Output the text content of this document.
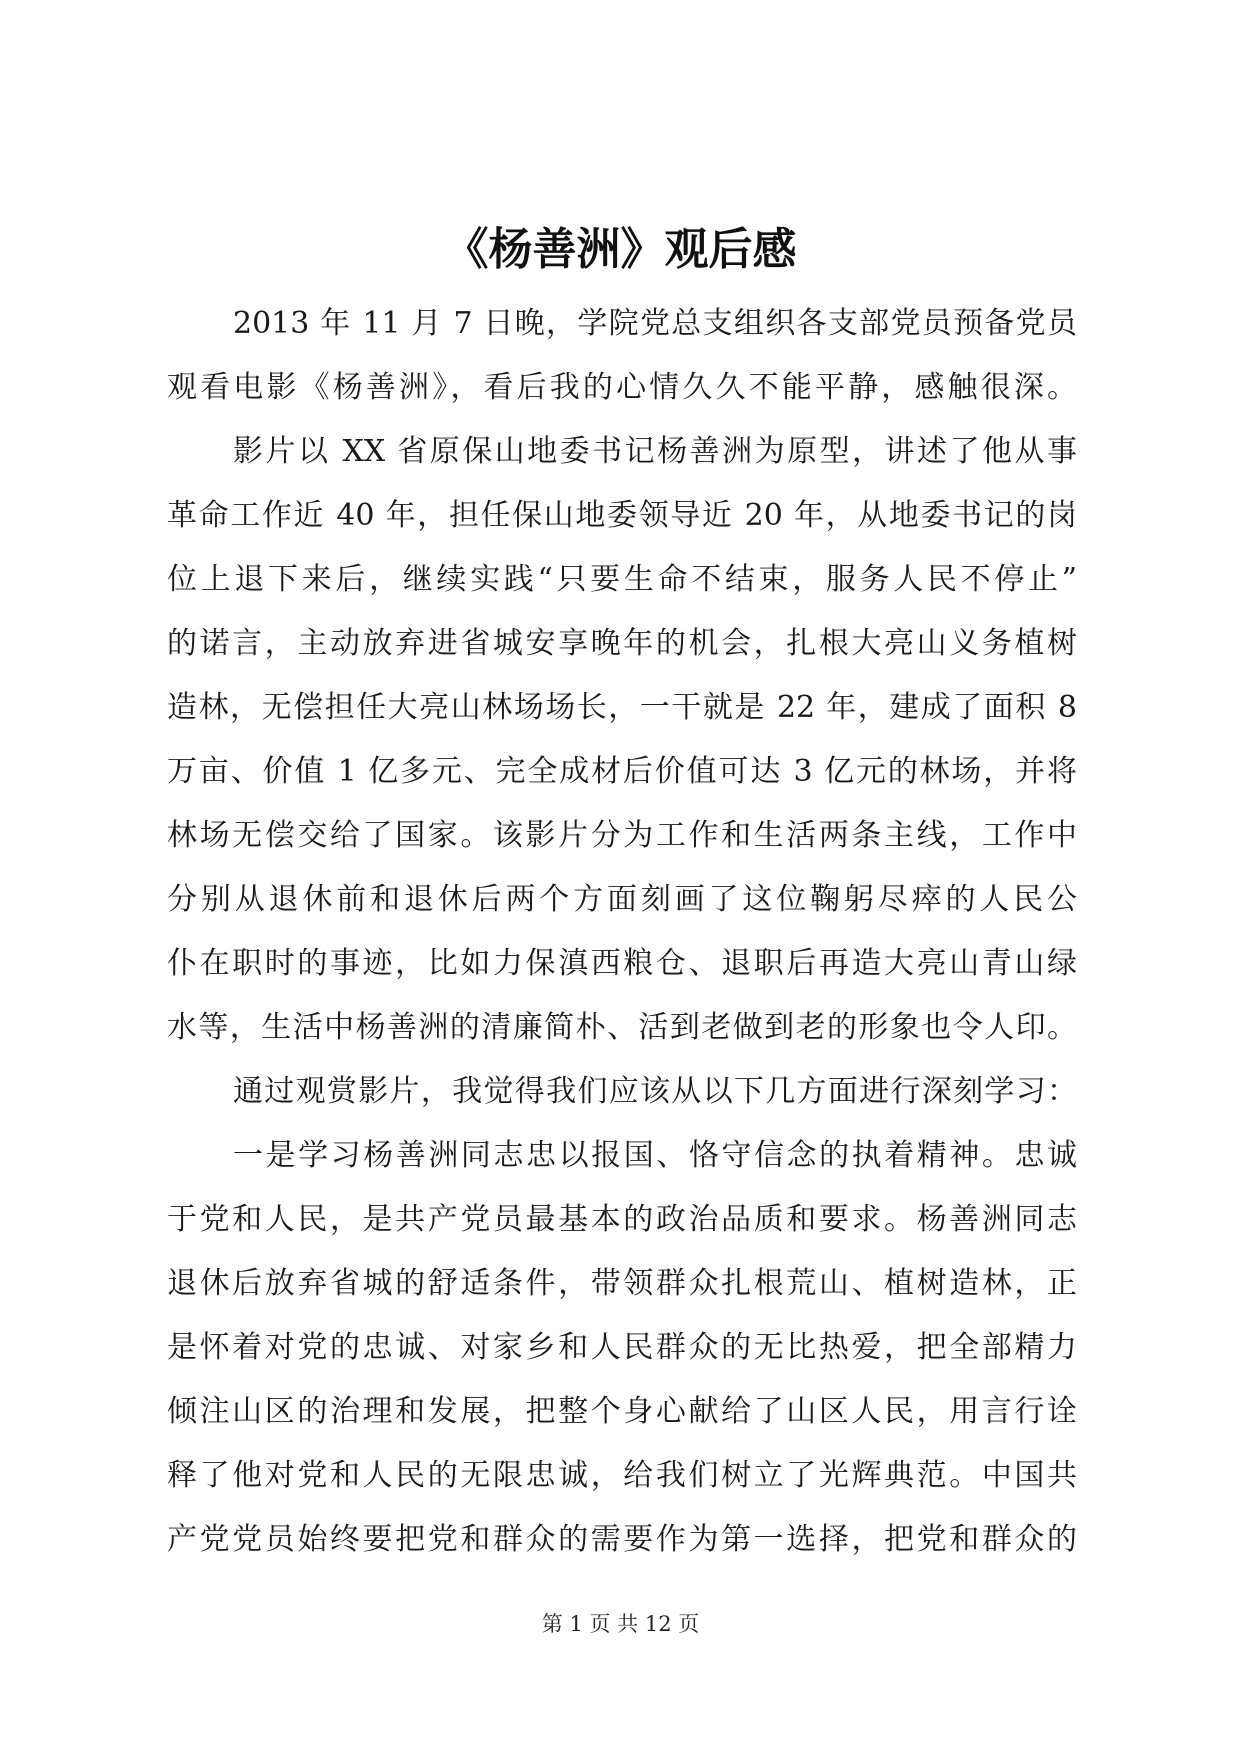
《杨善洲》观后感
2013 年 11 月 7 日晚，学院党总支组织各支部党员预备党员
观看电影《杨善洲》，看后我的心情久久不能平静，感触很深。
影片以 XX 省原保山地委书记杨善洲为原型，讲述了他从事
革命工作近 40 年，担任保山地委领导近 20 年，从地委书记的岗
位上退下来后，继续实践“只要生命不结束，服务人民不停止”
的诺言，主动放弃进省城安享晚年的机会，扎根大亮山义务植树
造林，无偿担任大亮山林场场长，一干就是 22 年，建成了面积 8
万亩、价值 1 亿多元、完全成材后价值可达 3 亿元的林场，并将
林场无偿交给了国家。该影片分为工作和生活两条主线，工作中
分别从退休前和退休后两个方面刻画了这位鞠躬尽瘁的人民公
仆在职时的事迹，比如力保滇西粮仓、退职后再造大亮山青山绿
水等，生活中杨善洲的清廉简朴、活到老做到老的形象也令人印。
通过观赏影片，我觉得我们应该从以下几方面进行深刻学习：
一是学习杨善洲同志忠以报国、恪守信念的执着精神。忠诚
于党和人民，是共产党员最基本的政治品质和要求。杨善洲同志
退休后放弃省城的舒适条件，带领群众扎根荒山、植树造林，正
是怀着对党的忠诚、对家乡和人民群众的无比热爱，把全部精力
倾注山区的治理和发展，把整个身心献给了山区人民，用言行诠
释了他对党和人民的无限忠诚，给我们树立了光辉典范。中国共
产党党员始终要把党和群众的需要作为第一选择，把党和群众的
第 1 页 共 12 页
